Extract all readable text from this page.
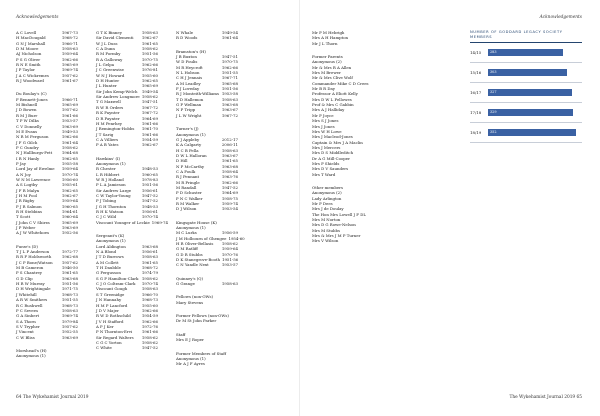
Acknowledgements	Acknowledgements
A C Lovell	1967-73
H MacDougald	1968-72
G N J Marshall	1966-71
D M Moore	1958-63
AJ Nicholson	1959-64
P S G Oliver	1962-66
R N E Smith	1965-69
J P Taylor	1969-74
J A C Wickremes	1957-62
R J Woodward	1961-67
Du Boulay's (C)
F Bennett-Jones	1966-71
M Bishnell	1965-69
J D Bowen	1957-62
R M J Burr	1961-66
T P W Dilks	1953-57
C V Donnelly	1963-69
M E Evans	1949-53
N R M Ferguson	1962-66
J F G Gilch	1961-64
P C Gundry	1958-62
N J Hallburgs-Pett	1964-68
I R N Hanly	1962-65
P Jay	1955-58
Lord Jay of Ewelme	1959-64
A N Joy	1970-74
W N M Lawrence	1956-60
A S Logtby	1955-61
J F R Malyn	1962-65
J H M Pool	1962-67
J R Rigby	1959-64
P J R Salmon	1960-65
R H Stebbins	1964-61
T Scott	1960-64
J John C V Shirra	1965-69
J P Weber	1963-69
A J W Whitehorn	1952-56
Furze's (D)
T J L P Anderson	1972-77
R R F Holdsworth	1962-68
J C P Bone/Watson	1957-62
M B Cameron	1946-50
P S Chantrey	1961-65
G D Clip	1963-68
H R W Murray	1951-56
D H Wrightingale	1971-75
J Whitehill	1968-73
A R W Smithers	1951-55
R C Rushwell	1968-73
P C Severn	1958-63
G A Sinbert	1969-74
S A Thorn	1979-84
S V Trypher	1957-62
J Vincent	1952-55
C W Bliss	1963-69
Morshead's (H)
Anonymous (1)
G T K Binney	1958-63
Sir David Clementi	1962-67
W J L Duss	1961-65
C A Dunn	1958-62
R M Formby	1951-56
R A Galloway	1970-75
J L Gelpa	1962-66
J C Greenwise	1976-81
W N J Howard	1955-60
D H Hunter	1962-65
J L Hunter	1965-69
Sir John Kemp-Welch	1949-54
Sir Andrew Longmore 1958-62
T G Maxwell	1947-51
R W R Orders	1967-72
R K Paynter	1967-72
D R Paynter	1964-69
H M Penrhey	1961-66
J Remington-Hobbs	1961-70
J T Sarig	1961-66
C A Villiers	1954-59
P A B Yates	1962-67
Hawkins' (I)
Anonymous (1)
R Chester	1948-53
L R Hibbert	1960-65
W R J Holland	1978-83
P L A Jamieson	1951-56
Sir Andrew Large	1956-61
C W Taylor-Young	1947-52
P J Tobing	1947-52
J G H Thornton	1948-53
R H K Watson	1956-61
C J C Wild	1970-74
Viscount Younger of Leckie 1969-74
Sergeant's (K)
Anonymous (1)
Lord Aldington	1963-68
N A Blond	1956-61
J T D Burrows	1958-63
A M Collett	1961-65
T H Daubble	1968-72
G Fergusson	1974-79
S G P Hamilton-Clark 1958-62
C J O Coltram-Clark	1970-74
Viscount Gough	1958-63
S T Greenidge	1966-70
J N Hannahy	1968-73
H M P Lancford	1955-60
J D V Majer	1962-66
R W D Rothschild	1954-59
J V H Stafford	1962-66
A P J Ker	1972-76
P N Thornton-Ervi	1961-66
Sir Regard Walters	1958-62
C G C Yorton	1958-62
C White	1947-52
N Whale	1949-54
R D Woods	1961-64
Bramston's (H)
J B Buxton	1947-51
W D Foulis	1970-75
M R Heycroft	1962-66
N L Hobson	1951-55
C H J Jennais	1967-71
A M Leadley	1965-68
F J Loveday	1951-56
R J Monteith-Williams 1953-58
T D Hallemon	1958-63
G P Wellman	1963-68
N P Tripp	1963-67
J L W Wright	1967-72
Turner's (J)
Anonymous (1)
G J Appleby	2012-17
K A Calgarty	2006-11
H C B Fella	1958-63
D W L Halloran	1963-67
D Hill	1961-65
N P McCarthy	1963-68
C A Foulk	1958-64
R J Pennant	1963-76
M R Pringle	1962-66
M Randall	1947-52
P D Schuster	1964-69
P N C Walker	1958-75
R M Walker	1959-74
D J Wilson	1953-54
Kingsgate House (K)
Anonymous (1)
M C Lurks	1956-59
J M Holbourn of Ghengee 1954-60
H R Oliver-Bellasis	1958-62
G M Ratliff	1959-64
G D R Stubbs	1970-76
D K Stanegrove-Booth 1951-56
C N Yandle Next	1953-57
Quinney's (Q)
G Grange	1958-63
Fellows (non-OWs)
Mary Stevens
Former Fellows (non-OWs)
Dr M St John Parker
Staff
Mrs E J Roper
Former Members of Staff
Anonymous (1)
Mr A J F Ayres
Mr P M Hebrigh
Mrs A H Hampton
Mr J L Thorn
Former Parents
Anonymous (2)
Mr & Mrs R A Allen
Mrs M Brewer
Mr & Mrs Clive Wolf
Commander Mike C D Crees
Mr B R Day
Professor A Eliott Kelly
Mrs D W L Fellowes
Prof & Mrs C Gabbin
Mrs A J Halliday
Mr P Joyce
Mrs S J Jones
Mrs J Jones
Mrs W H Lowe
Mrs J Macleod-Jones
Captain & Mrs J A Maclin
Mrs J Mercers
Mrs D S Middleditch
Dr A G Mill-Cooper
Mrs P Shields
Mrs D V Saunders
Mrs T Ward
Other members
Anonymous (2)
Lady Arlington
Mr P Dees
Mrs J de Doulay
The Hon Mrs Lowell J F DL
Mrs M Norton
Mrs D G Rowe-Nelson
Mrs M Stubbs
Mrs & Mrs J M P Turner
Mrs V Wilson
NUMBER OF GODDARD LEGACY SOCIETY MEMBERS
14/15	283
15/16	303
16/17	327
17/18	329
18/19	352
64 The Wykehamist Journal 2019	The Wykehamist Journal 2019 65
